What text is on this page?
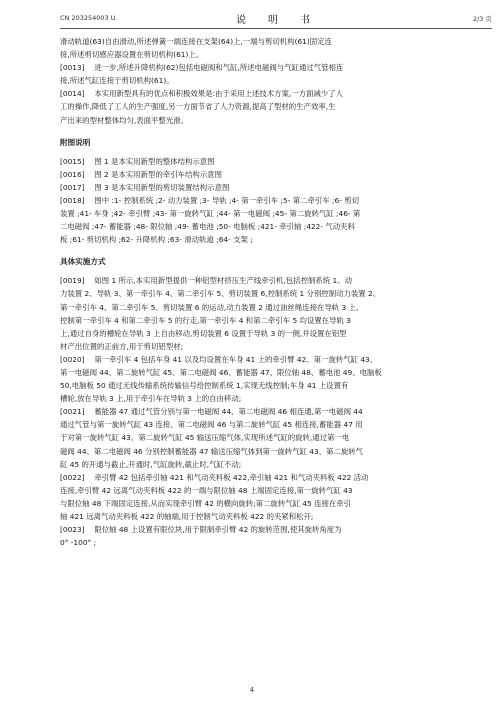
CN 203254003 U	说　明　书	2/3 页
滑动轨道(63)自由滑动,所述弹簧一端连接在支架(64)上,一端与剪切机构(61)固定连
接,所述剪切感应器设置在剪切机构(61)上。
[0013]　 进一步,所述升降机构(62)包括电磁阀和气缸,所述电磁阀与气缸通过气管相连
接,所述气缸连接于剪切机构(61)。
[0014]　 本实用新型具有的优点和积极效果是:由于采用上述技术方案,一方面减少了人
工的操作,降低了工人的生产强度,另一方面节省了人力资源,提高了型材的生产效率,生
产出来的型材整体均匀,表面平整光滑。
附图说明
[0015]　 图 1 是本实用新型的整体结构示意图
[0016]　 图 2 是本实用新型的牵引车结构示意图
[0017]　 图 3 是本实用新型的剪切装置结构示意图
[0018]　 图中 :1- 控制系统 ;2- 动力装置 ;3- 导轨 ;4- 第一牵引车 ;5- 第二牵引车 ;6- 剪切
装置 ;41- 车身 ;42- 牵引臂 ;43- 第一旋转气缸 ;44- 第一电磁阀 ;45- 第二旋转气缸 ;46- 第
二电磁阀 ;47- 蓄能器 ;48- 限位轴 ;49- 蓄电池 ;50- 电脑板 ;421- 牵引轴 ;422- 气动夹料
板 ;61- 剪切机构 ;62- 升降机构 ;63- 滑动轨道 ;64- 支架 ;
具体实施方式
[0019]　 如图 1 所示,本实用新型提供一种铝型材挤压生产线牵引机,包括控制系统 1、动
力装置 2、导轨 3、第一牵引车 4、第二牵引车 5、剪切装置 6,控制系统 1 分别控制动力装置 2、
第一牵引车 4、第二牵引车 5、剪切装置 6 的运动,动力装置 2 通过油丝绳连接在导轨 3 上,
控制第一牵引车 4 和第二牵引车 5 的行走,第一牵引车 4 和第二牵引车 5 均设置在导轨 3
上,通过自身的槽轮在导轨 3 上自由移动,剪切装置 6 设置于导轨 3 的一侧,并设置在铝型
材产出位置的正前方,用于剪切铝型材;
[0020]　 第一牵引车 4 包括车身 41 以及均设置在车身 41 上的牵引臂 42、第一旋转气缸 43、
第一电磁阀 44、第二旋转气缸 45、第二电磁阀 46、蓄能器 47、限位轴 48、蓄电池 49、电脑板
50,电脑板 50 通过无线传输系统传输信号给控制系统 1,实现无线控制;车身 41 上设置有
槽轮,放在导轨 3 上,用于牵引车在导轨 3 上的自由移动;
[0021]　 蓄能器 47 通过气管分别与第一电磁阀 44、第二电磁阀 46 相连通,第一电磁阀 44
通过气管与第一旋转气缸 43 连接、第二电磁阀 46 与第二旋转气缸 45 相连接,蓄能器 47 用
于对第一旋转气缸 43、第二旋转气缸 45 输送压缩气体,实现所述气缸的旋转,通过第一电
磁阀 44、第二电磁阀 46 分别控制蓄能器 47 输送压缩气体到第一旋转气缸 43、第二旋转气
缸 45 的开通与截止,开通时,气缸旋转,截止时,气缸不动;
[0022]　 牵引臂 42 包括牵引轴 421 和气动夹料板 422,牵引轴 421 和气动夹料板 422 活动
连接,牵引臂 42 远离气动夹料板 422 的一端与限位轴 48 上端固定连接,第一旋转气缸 43
与限位轴 48 下端固定连接,从而实现牵引臂 42 的横向旋转;第二旋转气缸 45 连接在牵引
轴 421 远离气动夹料板 422 的轴端,用于控制气动夹料板 422 的夹紧和松开;
[0023]　 限位轴 48 上设置有限位块,用于限制牵引臂 42 的旋转范围,使其旋转角度为
0° -100° ;
4
